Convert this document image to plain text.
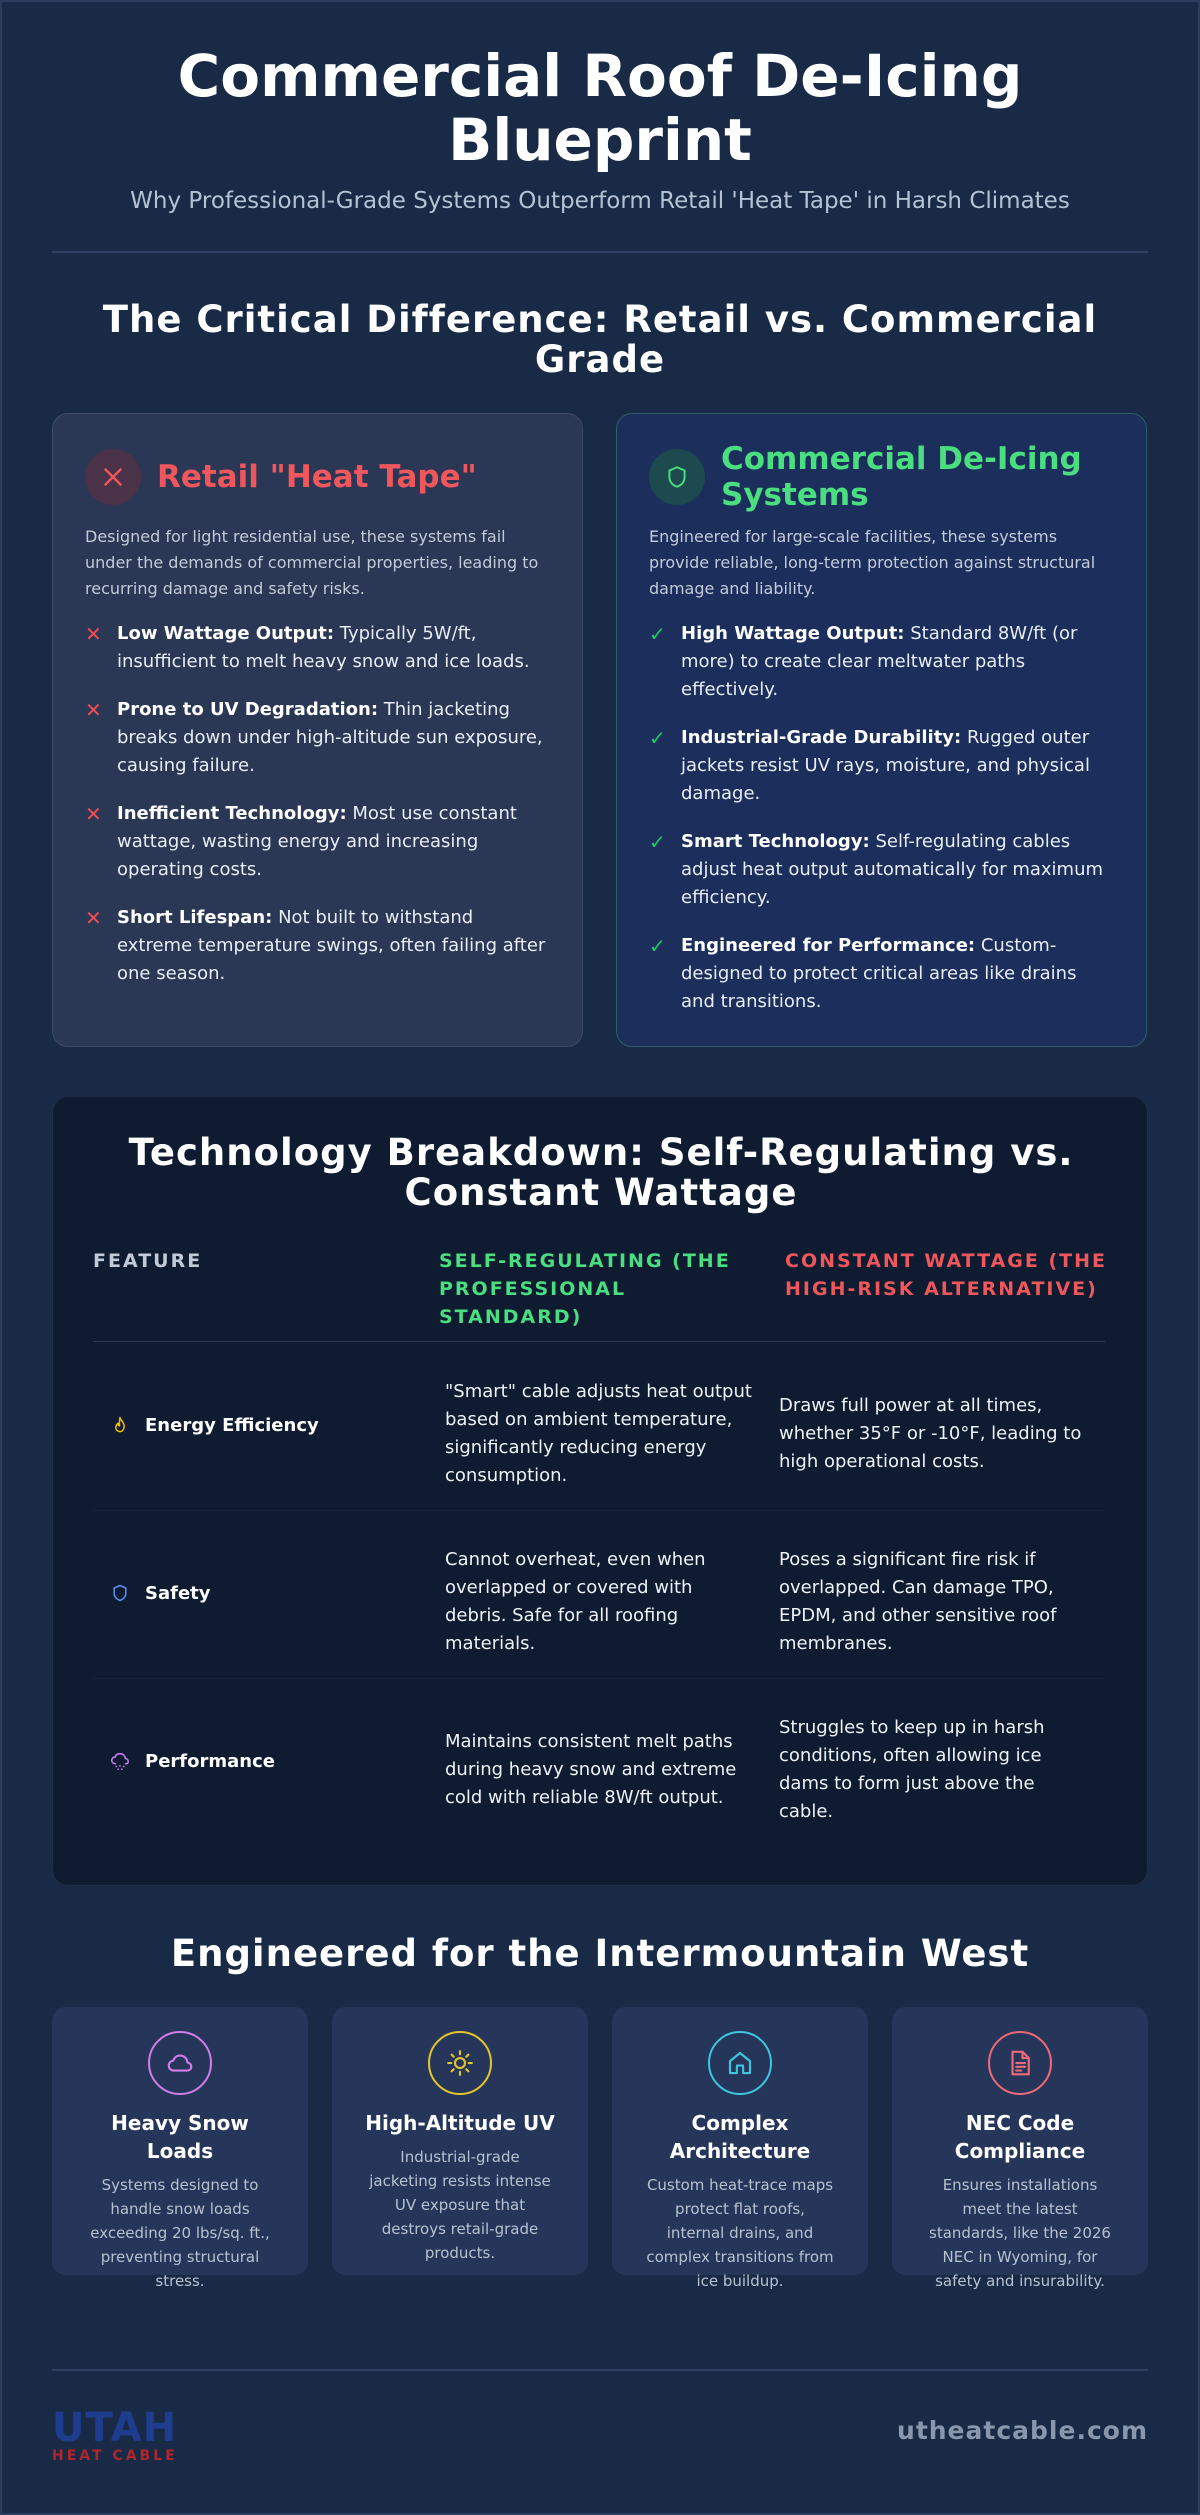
Commercial Roof De-Icing Blueprint

Why Professional-Grade Systems Outperform Retail 'Heat Tape' in Harsh Climates

The Critical Difference: Retail vs. Commercial Grade
Retail "Heat Tape"

Designed for light residential use, these systems fail under the demands of commercial properties, leading to recurring damage and safety risks.

✕ Low Wattage Output: Typically 5W/ft, insufficient to melt heavy snow and ice loads.
✕ Prone to UV Degradation: Thin jacketing breaks down under high-altitude sun exposure, causing failure.
✕ Inefficient Technology: Most use constant wattage, wasting energy and increasing operating costs.
✕ Short Lifespan: Not built to withstand extreme temperature swings, often failing after one season.
Commercial De-Icing Systems

Engineered for large-scale facilities, these systems provide reliable, long-term protection against structural damage and liability.

✓ High Wattage Output: Standard 8W/ft (or more) to create clear meltwater paths effectively.
✓ Industrial-Grade Durability: Rugged outer jackets resist UV rays, moisture, and physical damage.
✓ Smart Technology: Self-regulating cables adjust heat output automatically for maximum efficiency.
✓ Engineered for Performance: Custom-designed to protect critical areas like drains and transitions.
Technology Breakdown: Self-Regulating vs. Constant Wattage
FEATURE	SELF-REGULATING (THE PROFESSIONAL STANDARD)
CONSTANT WATTAGE (THE HIGH-RISK ALTERNATIVE)
Energy Efficiency
"Smart" cable adjusts heat output based on ambient temperature, significantly reducing energy consumption.
Draws full power at all times, whether 35°F or -10°F, leading to high operational costs.
Safety
Cannot overheat, even when overlapped or covered with debris. Safe for all roofing materials.
Poses a significant fire risk if overlapped. Can damage TPO, EPDM, and other sensitive roof membranes.
Performance
Maintains consistent melt paths during heavy snow and extreme cold with reliable 8W/ft output.
Struggles to keep up in harsh conditions, often allowing ice dams to form just above the cable.
Engineered for the Intermountain West
Heavy Snow Loads
Systems designed to handle snow loads exceeding 20 lbs/sq. ft., preventing structural stress.
High-Altitude UV
Industrial-grade jacketing resists intense UV exposure that destroys retail-grade products.
Complex Architecture
Custom heat-trace maps protect flat roofs, internal drains, and complex transitions from ice buildup.
NEC Code Compliance
Ensures installations meet the latest standards, like the 2026 NEC in Wyoming, for safety and insurability.
UTAH
HEAT CABLE
utheatcable.com
